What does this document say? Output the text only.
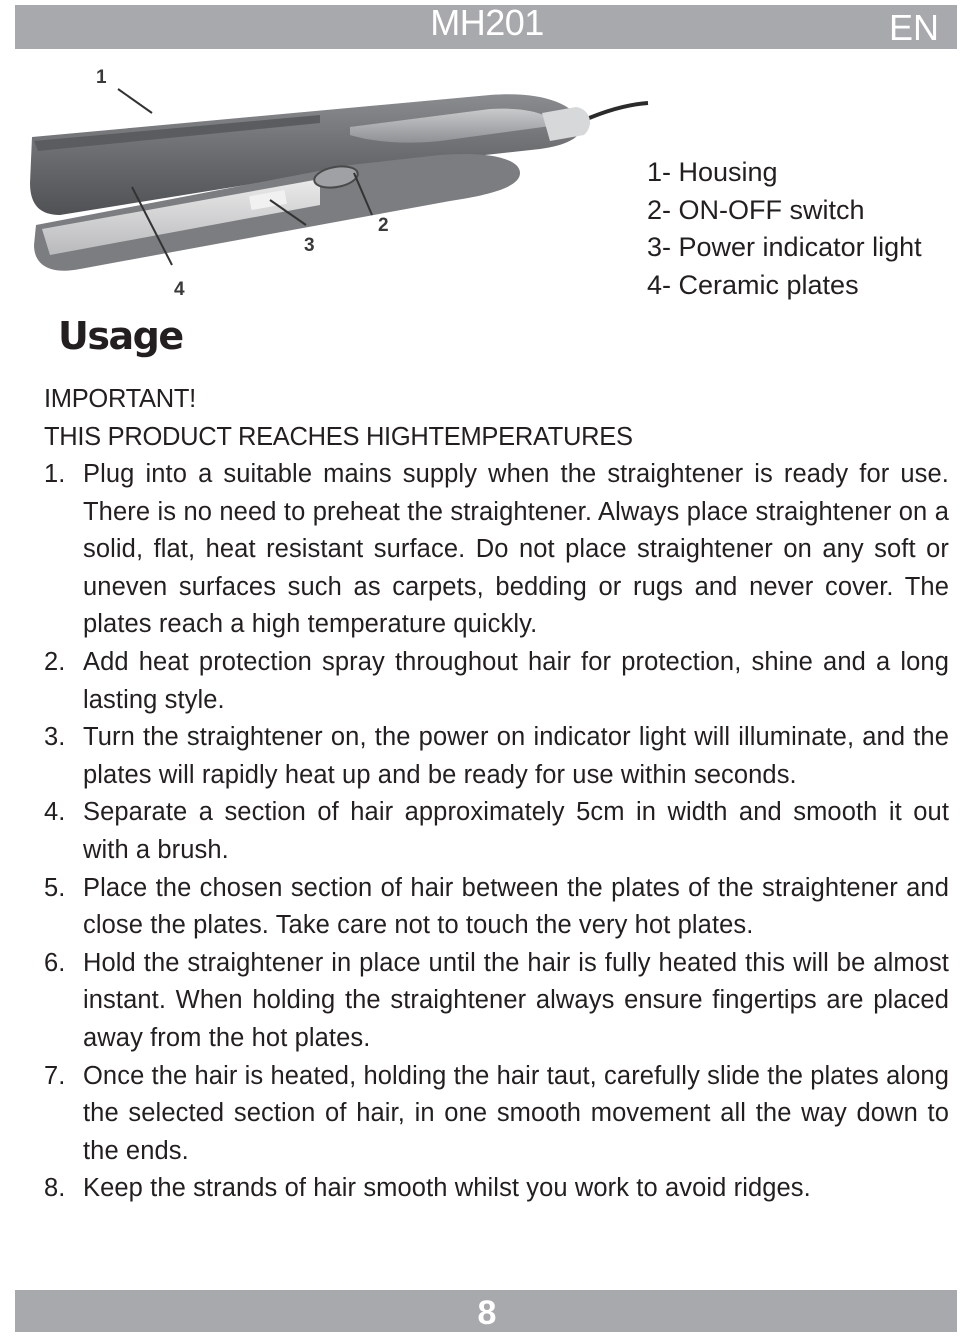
EN
MH201
1
2
3
4
1- Housing
2- ON-OFF switch
3- Power indicator light
4- Ceramic plates
Usage
IMPORTANT!
THIS PRODUCT REACHES HIGHTEMPERATURES
1. Plug into a suitable mains supply when the straightener is ready for use. There is no need to preheat the straightener. Always place straightener on a solid, flat, heat resistant surface. Do not place straightener on any soft or uneven surfaces such as carpets, bedding or rugs and never cover. The plates reach a high temperature quickly.
2. Add heat protection spray throughout hair for protection, shine and a long lasting style.
3. Turn the straightener on, the power on indicator light will illuminate, and the plates will rapidly heat up and be ready for use within seconds.
4. Separate a section of hair approximately 5cm in width and smooth it out with a brush.
5. Place the chosen section of hair between the plates of the straightener and close the plates. Take care not to touch the very hot plates.
6. Hold the straightener in place until the hair is fully heated this will be almost instant. When holding the straightener always ensure fingertips are placed away from the hot plates.
7. Once the hair is heated, holding the hair taut, carefully slide the plates along the selected section of hair, in one smooth movement all the way down to the ends.
8. Keep the strands of hair smooth whilst you work to avoid ridges.
8
